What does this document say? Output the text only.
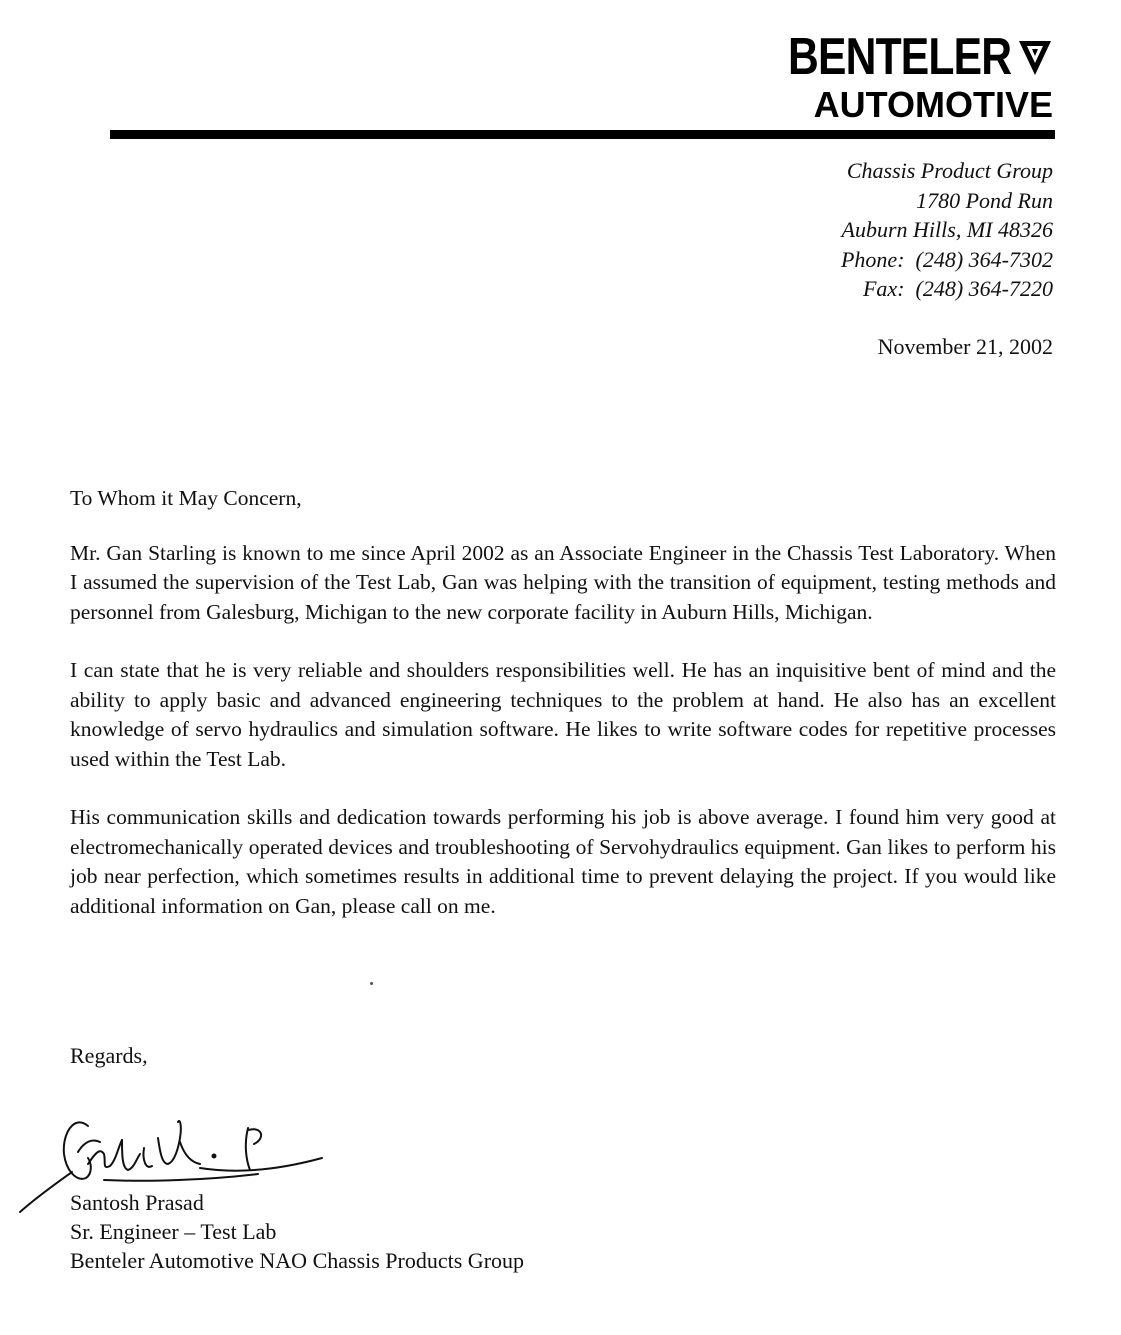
BENTELER
AUTOMOTIVE
Chassis Product Group
1780 Pond Run
Auburn Hills, MI 48326
Phone:  (248) 364-7302
Fax:  (248) 364-7220
November 21, 2002

To Whom it May Concern,

Mr. Gan Starling is known to me since April 2002 as an Associate Engineer in the Chassis Test Laboratory. When I assumed the supervision of the Test Lab, Gan was helping with the transition of equipment, testing methods and personnel from Galesburg, Michigan to the new corporate facility in Auburn Hills, Michigan.

I can state that he is very reliable and shoulders responsibilities well. He has an inquisitive bent of mind and the ability to apply basic and advanced engineering techniques to the problem at hand. He also has an excellent knowledge of servo hydraulics and simulation software. He likes to write software codes for repetitive processes used within the Test Lab.

His communication skills and dedication towards performing his job is above average. I found him very good at electromechanically operated devices and troubleshooting of Servohydraulics equipment. Gan likes to perform his job near perfection, which sometimes results in additional time to prevent delaying the project. If you would like additional information on Gan, please call on me.

Regards,
Santosh Prasad
Sr. Engineer – Test Lab
Benteler Automotive NAO Chassis Products Group
